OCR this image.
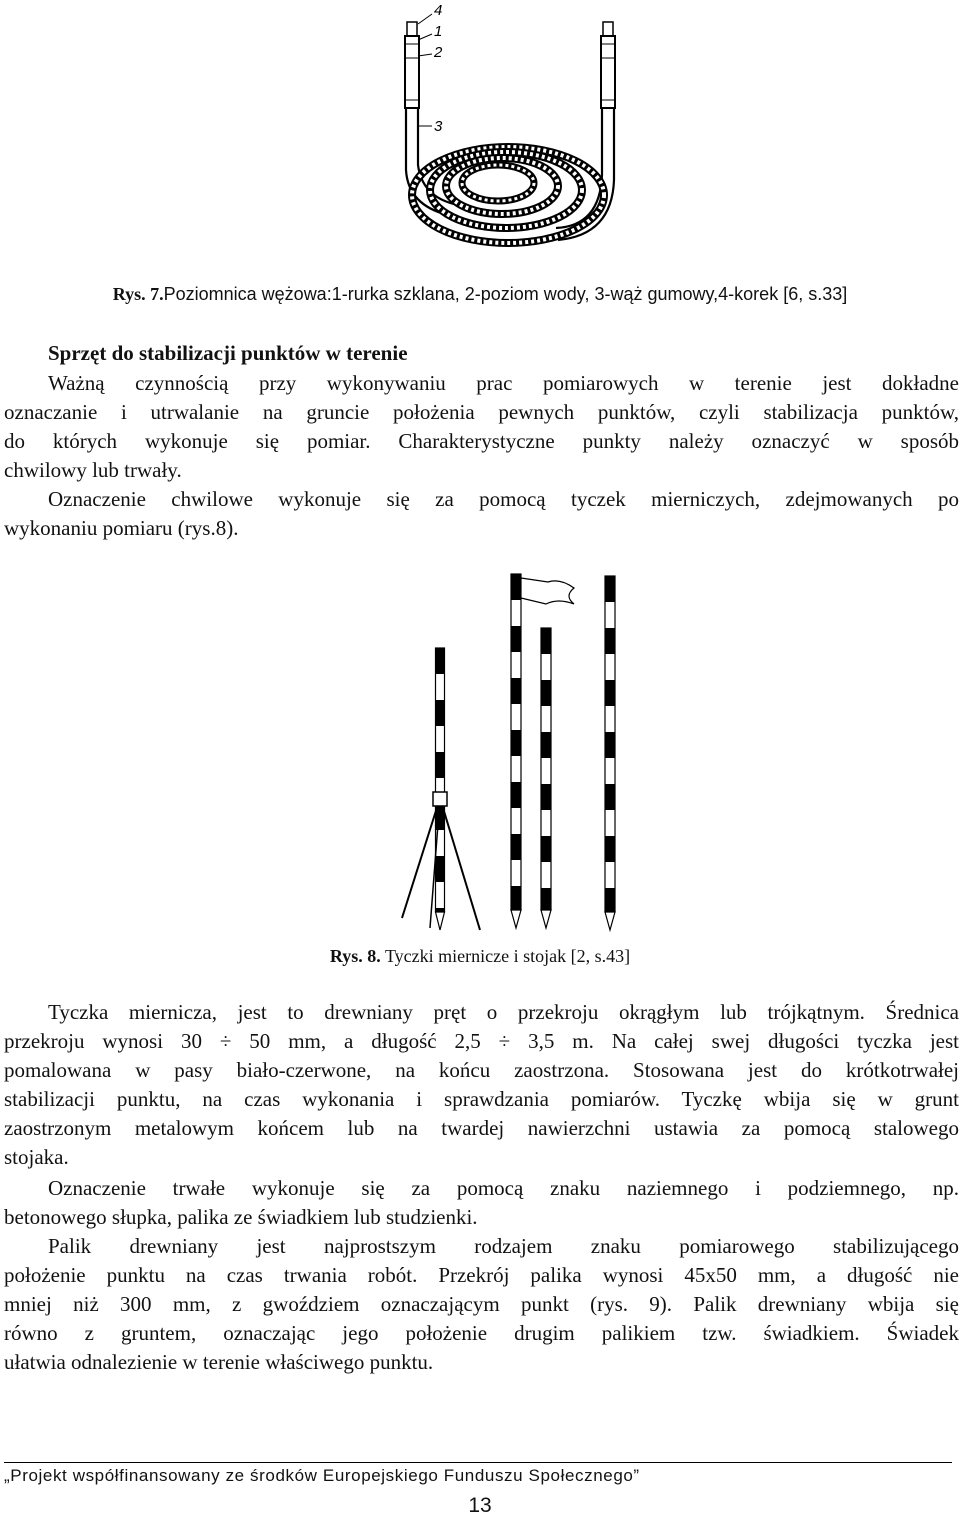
4
1
2
3
Rys. 7.Poziomnica wężowa:1-rurka szklana, 2-poziom wody, 3-wąż gumowy,4-korek [6, s.33]
Sprzęt do stabilizacji punktów w terenie
Ważną czynnością przy wykonywaniu prac pomiarowych w terenie jest dokładne
oznaczanie i utrwalanie na gruncie położenia pewnych punktów, czyli stabilizacja punktów,
do których wykonuje się pomiar. Charakterystyczne punkty należy oznaczyć w sposób
chwilowy lub trwały.
Oznaczenie chwilowe wykonuje się za pomocą tyczek mierniczych, zdejmowanych po
wykonaniu pomiaru (rys.8).
Rys. 8. Tyczki miernicze i stojak [2, s.43]
Tyczka miernicza, jest to drewniany pręt o przekroju okrągłym lub trójkątnym. Średnica
przekroju wynosi 30 ÷ 50 mm, a długość 2,5 ÷ 3,5 m. Na całej swej długości tyczka jest
pomalowana w pasy biało-czerwone, na końcu zaostrzona. Stosowana jest do krótkotrwałej
stabilizacji punktu, na czas wykonania i sprawdzania pomiarów. Tyczkę wbija się w grunt
zaostrzonym metalowym końcem lub na twardej nawierzchni ustawia za pomocą stalowego
stojaka.
Oznaczenie trwałe wykonuje się za pomocą znaku naziemnego i podziemnego, np.
betonowego słupka, palika ze świadkiem lub studzienki.
Palik drewniany jest najprostszym rodzajem znaku pomiarowego stabilizującego
położenie punktu na czas trwania robót. Przekrój palika wynosi 45x50 mm, a długość nie
mniej niż 300 mm, z gwoździem oznaczającym punkt (rys. 9). Palik drewniany wbija się
równo z gruntem, oznaczając jego położenie drugim palikiem tzw. świadkiem. Świadek
ułatwia odnalezienie w terenie właściwego punktu.
„Projekt współfinansowany ze środków Europejskiego Funduszu Społecznego”
13
